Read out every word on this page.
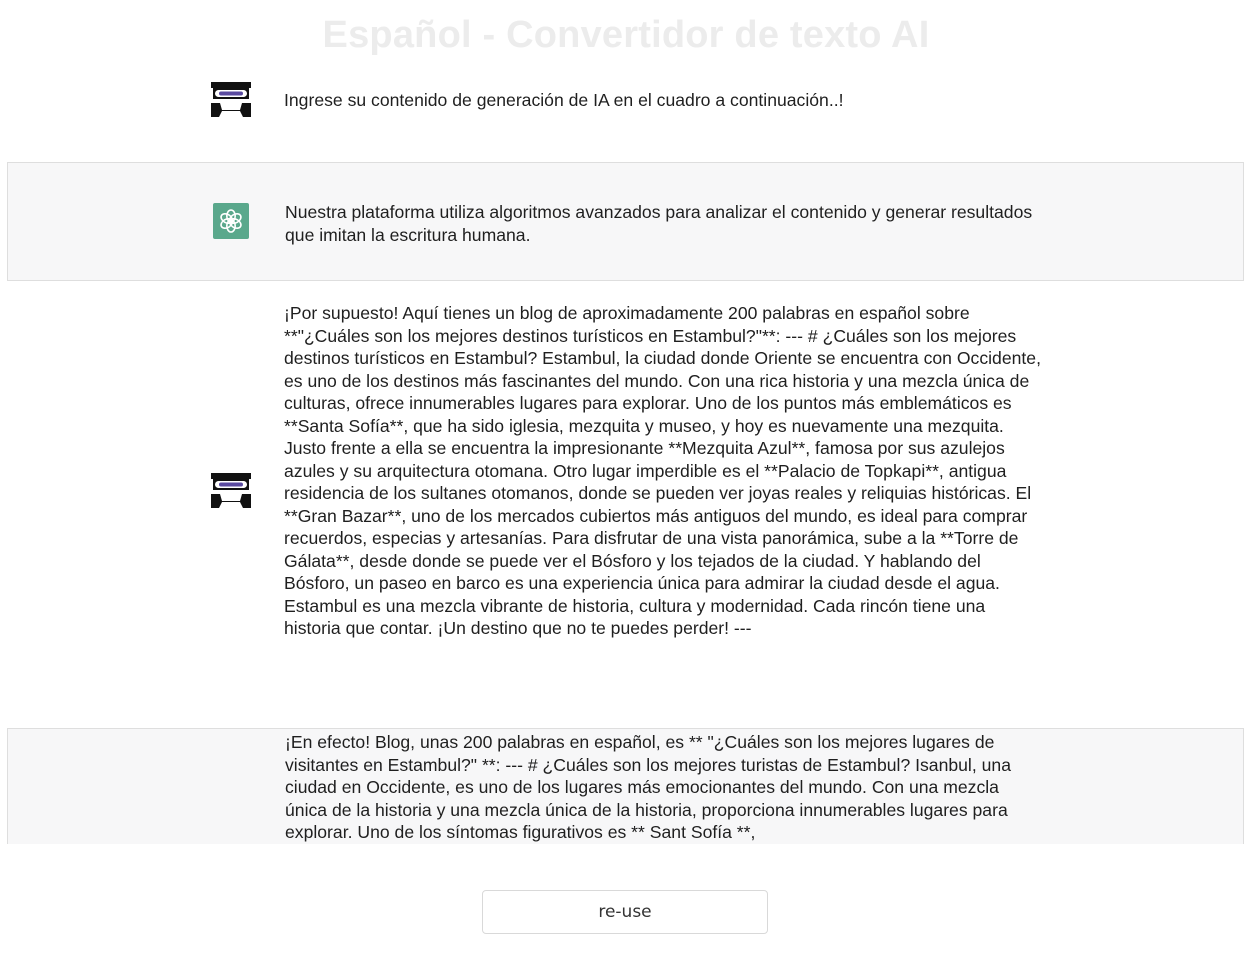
Español - Convertidor de texto AI
Ingrese su contenido de generación de IA en el cuadro a continuación..!
Nuestra plataforma utiliza algoritmos avanzados para analizar el contenido y generar resultados que imitan la escritura humana.
¡Por supuesto! Aquí tienes un blog de aproximadamente 200 palabras en español sobre **"¿Cuáles son los mejores destinos turísticos en Estambul?"**: --- # ¿Cuáles son los mejores destinos turísticos en Estambul? Estambul, la ciudad donde Oriente se encuentra con Occidente, es uno de los destinos más fascinantes del mundo. Con una rica historia y una mezcla única de culturas, ofrece innumerables lugares para explorar. Uno de los puntos más emblemáticos es **Santa Sofía**, que ha sido iglesia, mezquita y museo, y hoy es nuevamente una mezquita. Justo frente a ella se encuentra la impresionante **Mezquita Azul**, famosa por sus azulejos azules y su arquitectura otomana. Otro lugar imperdible es el **Palacio de Topkapi**, antigua residencia de los sultanes otomanos, donde se pueden ver joyas reales y reliquias históricas. El **Gran Bazar**, uno de los mercados cubiertos más antiguos del mundo, es ideal para comprar recuerdos, especias y artesanías. Para disfrutar de una vista panorámica, sube a la **Torre de Gálata**, desde donde se puede ver el Bósforo y los tejados de la ciudad. Y hablando del Bósforo, un paseo en barco es una experiencia única para admirar la ciudad desde el agua. Estambul es una mezcla vibrante de historia, cultura y modernidad. Cada rincón tiene una historia que contar. ¡Un destino que no te puedes perder! ---
¡En efecto! Blog, unas 200 palabras en español, es ** "¿Cuáles son los mejores lugares de visitantes en Estambul?" **: --- # ¿Cuáles son los mejores turistas de Estambul? Isanbul, una ciudad en Occidente, es uno de los lugares más emocionantes del mundo. Con una mezcla única de la historia y una mezcla única de la historia, proporciona innumerables lugares para explorar. Uno de los síntomas figurativos es ** Sant Sofía **,
re-use
